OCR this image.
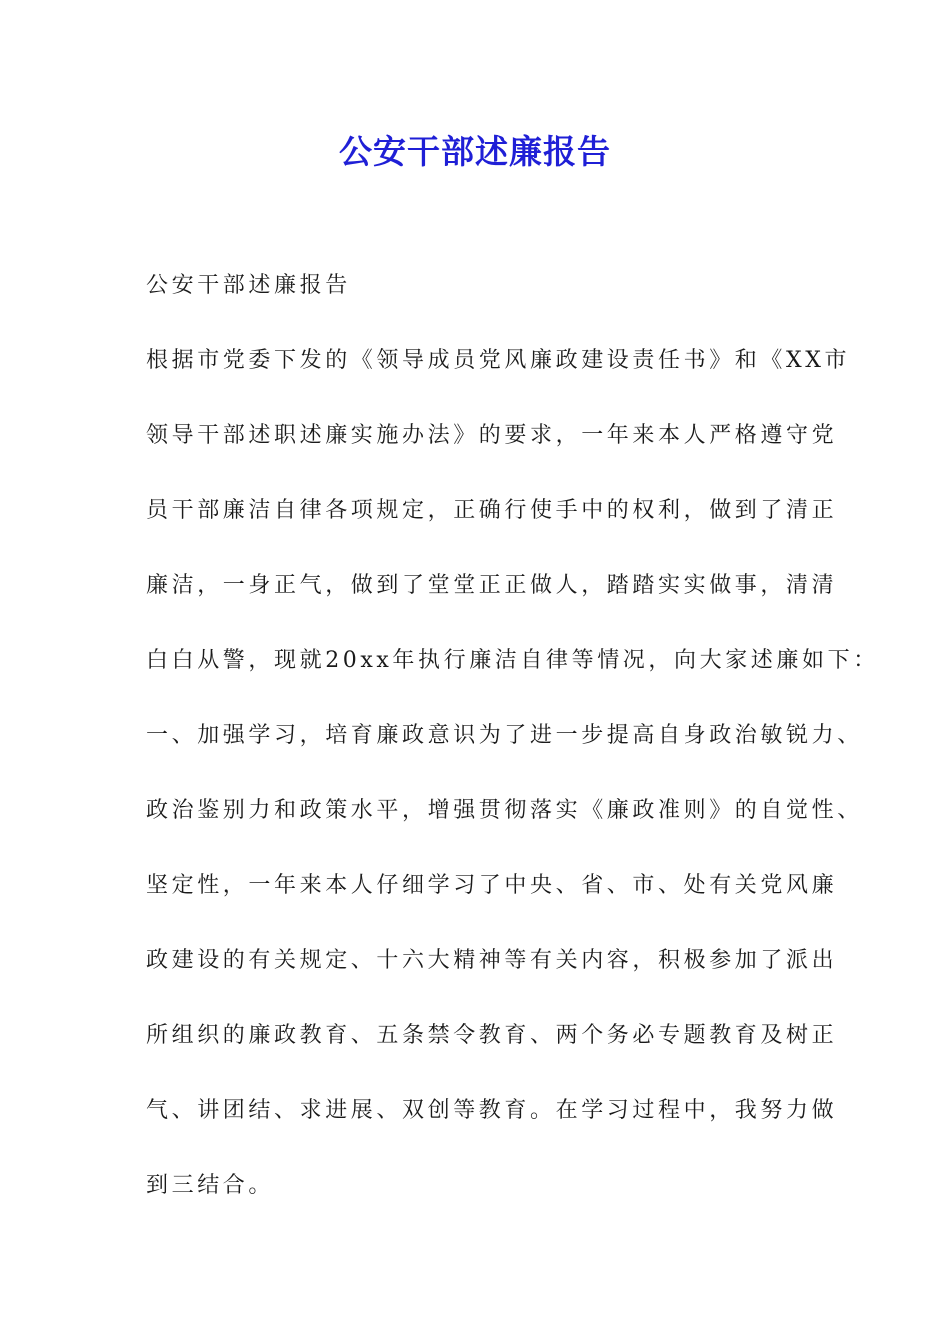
公安干部述廉报告
公安干部述廉报告
根据市党委下发的《领导成员党风廉政建设责任书》和《XX市
领导干部述职述廉实施办法》的要求，一年来本人严格遵守党
员干部廉洁自律各项规定，正确行使手中的权利，做到了清正
廉洁，一身正气，做到了堂堂正正做人，踏踏实实做事，清清
白白从警，现就20xx年执行廉洁自律等情况，向大家述廉如下：
一、加强学习，培育廉政意识为了进一步提高自身政治敏锐力、
政治鉴别力和政策水平，增强贯彻落实《廉政准则》的自觉性、
坚定性，一年来本人仔细学习了中央、省、市、处有关党风廉
政建设的有关规定、十六大精神等有关内容，积极参加了派出
所组织的廉政教育、五条禁令教育、两个务必专题教育及树正
气、讲团结、求进展、双创等教育。在学习过程中，我努力做
到三结合。
